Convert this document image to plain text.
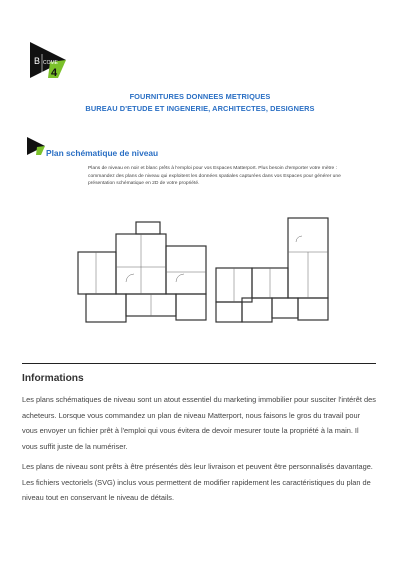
B COME
4
FOURNITURES DONNEES METRIQUES
BUREAU D'ETUDE ET INGENERIE, ARCHITECTES, DESIGNERS
Plan schématique de niveau
Plans de niveau en noir et blanc prêts à l'emploi pour vos Espaces Matterport. Plus besoin d'emporter votre mètre : commandez des plans de niveau qui exploitent les données spatiales capturées dans vos Espaces pour générer une présentation schématique en 2D de votre propriété.
Informations

Les plans schématiques de niveau sont un atout essentiel du marketing immobilier pour susciter l'intérêt des acheteurs. Lorsque vous commandez un plan de niveau Matterport, nous faisons le gros du travail pour vous envoyer un fichier prêt à l'emploi qui vous évitera de devoir mesurer toute la propriété à la main. Il vous suffit juste de la numériser.

Les plans de niveau sont prêts à être présentés dès leur livraison et peuvent être personnalisés davantage. Les fichiers vectoriels (SVG) inclus vous permettent de modifier rapidement les caractéristiques du plan de niveau tout en conservant le niveau de détails.
